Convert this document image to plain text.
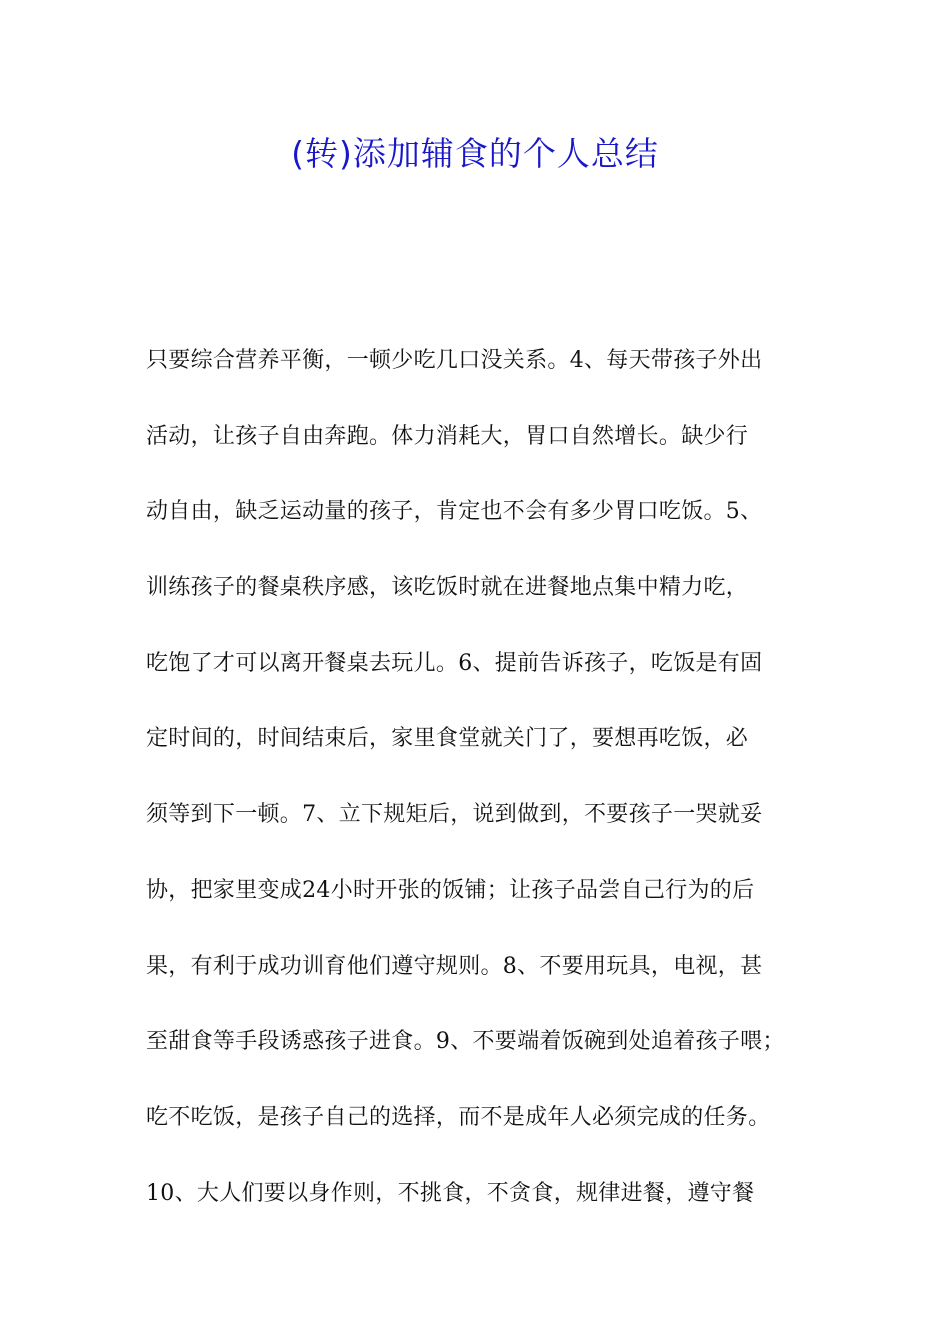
(转)添加辅食的个人总结
只要综合营养平衡，一顿少吃几口没关系。4、每天带孩子外出
活动，让孩子自由奔跑。体力消耗大，胃口自然增长。缺少行
动自由，缺乏运动量的孩子，肯定也不会有多少胃口吃饭。5、
训练孩子的餐桌秩序感，该吃饭时就在进餐地点集中精力吃，
吃饱了才可以离开餐桌去玩儿。6、提前告诉孩子，吃饭是有固
定时间的，时间结束后，家里食堂就关门了，要想再吃饭，必
须等到下一顿。7、立下规矩后，说到做到，不要孩子一哭就妥
协，把家里变成24小时开张的饭铺；让孩子品尝自己行为的后
果，有利于成功训育他们遵守规则。8、不要用玩具，电视，甚
至甜食等手段诱惑孩子进食。9、不要端着饭碗到处追着孩子喂；
吃不吃饭，是孩子自己的选择，而不是成年人必须完成的任务。
10、大人们要以身作则，不挑食，不贪食，规律进餐，遵守餐
